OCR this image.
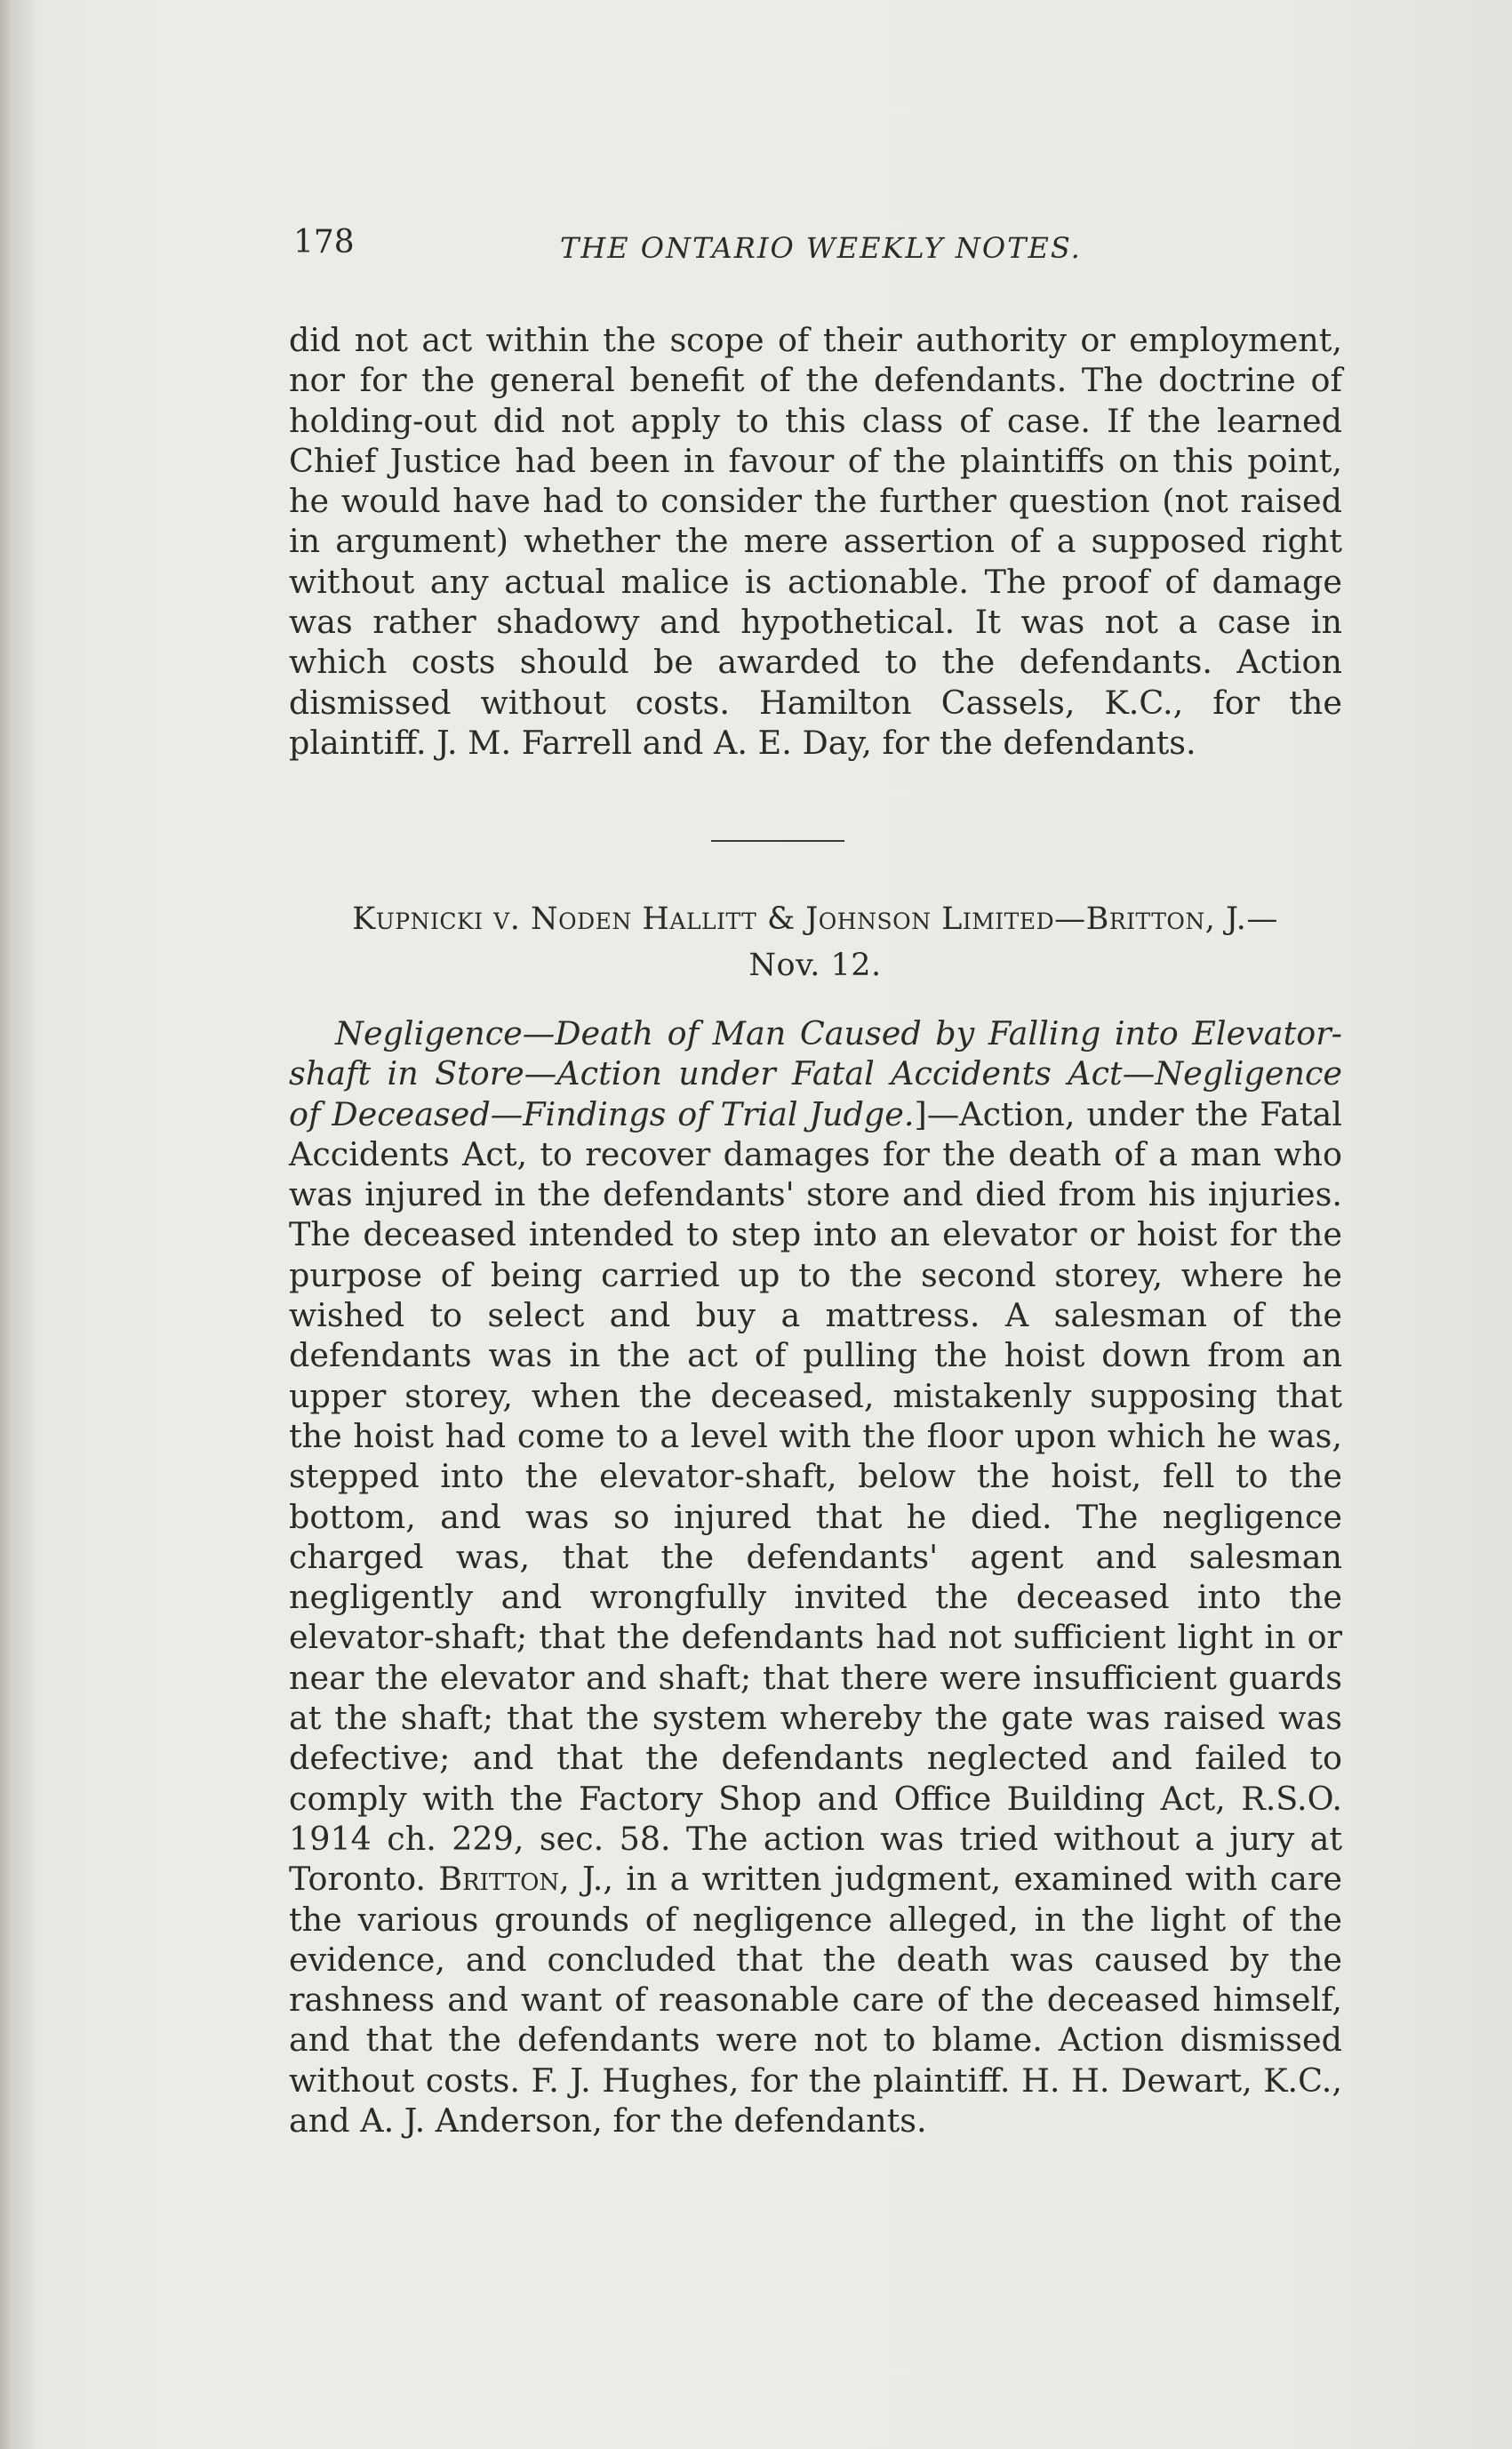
178	THE ONTARIO WEEKLY NOTES.

did not act within the scope of their authority or employment, nor for the general benefit of the defendants. The doctrine of holding-out did not apply to this class of case. If the learned Chief Justice had been in favour of the plaintiffs on this point, he would have had to consider the further question (not raised in argument) whether the mere assertion of a supposed right without any actual malice is actionable. The proof of damage was rather shadowy and hypothetical. It was not a case in which costs should be awarded to the defendants. Action dismissed without costs. Hamilton Cassels, K.C., for the plaintiff. J. M. Farrell and A. E. Day, for the defendants.

Kupnicki v. Noden Hallitt & Johnson Limited—Britton, J.—
Nov. 12.

Negligence—Death of Man Caused by Falling into Elevator-shaft in Store—Action under Fatal Accidents Act—Negligence of Deceased—Findings of Trial Judge.]—Action, under the Fatal Accidents Act, to recover damages for the death of a man who was injured in the defendants' store and died from his injuries. The deceased intended to step into an elevator or hoist for the purpose of being carried up to the second storey, where he wished to select and buy a mattress. A salesman of the defendants was in the act of pulling the hoist down from an upper storey, when the deceased, mistakenly supposing that the hoist had come to a level with the floor upon which he was, stepped into the elevator-shaft, below the hoist, fell to the bottom, and was so injured that he died. The negligence charged was, that the defendants' agent and salesman negligently and wrongfully invited the deceased into the elevator-shaft; that the defendants had not sufficient light in or near the elevator and shaft; that there were insufficient guards at the shaft; that the system whereby the gate was raised was defective; and that the defendants neglected and failed to comply with the Factory Shop and Office Building Act, R.S.O. 1914 ch. 229, sec. 58. The action was tried without a jury at Toronto. Britton, J., in a written judgment, examined with care the various grounds of negligence alleged, in the light of the evidence, and concluded that the death was caused by the rashness and want of reasonable care of the deceased himself, and that the defendants were not to blame. Action dismissed without costs. F. J. Hughes, for the plaintiff. H. H. Dewart, K.C., and A. J. Anderson, for the defendants.
